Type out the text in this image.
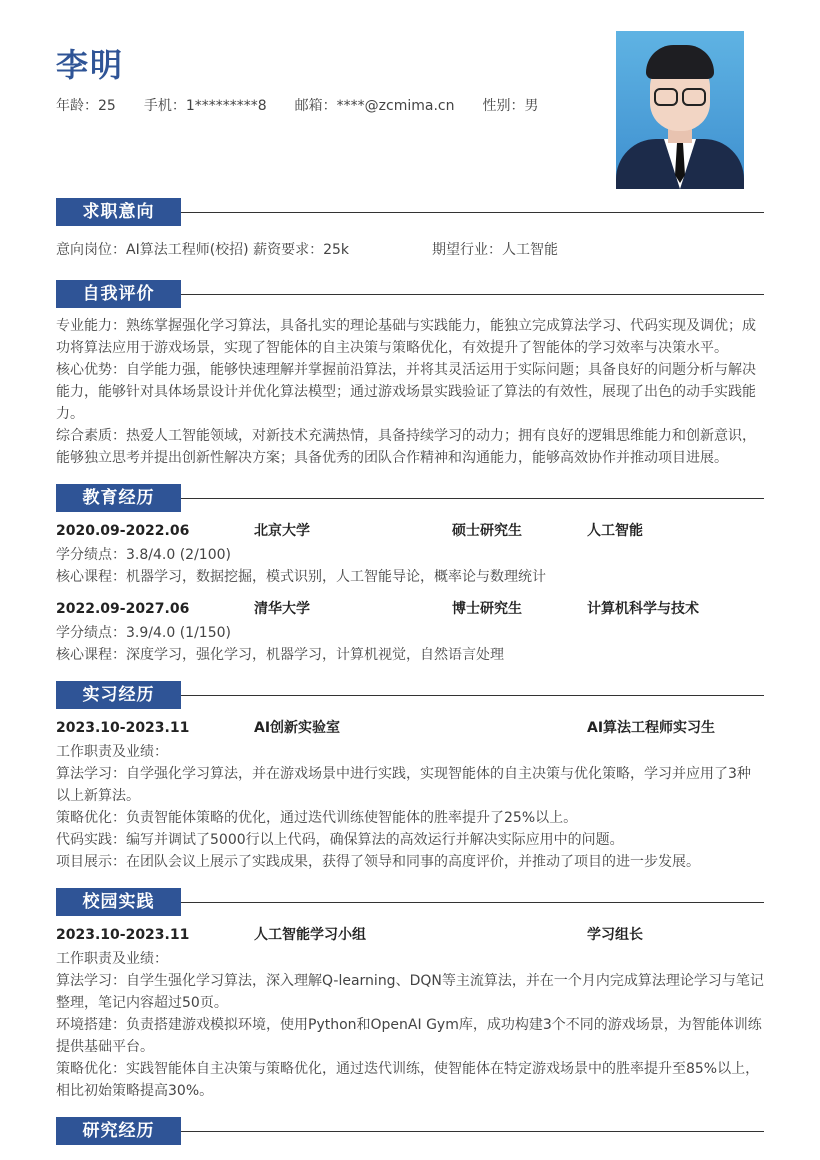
李明
年龄：25 手机：1*********8 邮箱：****@zcmima.cn 性别：男
求职意向
意向岗位：AI算法工程师(校招) 薪资要求：25k	期望行业：人工智能
自我评价

专业能力：熟练掌握强化学习算法，具备扎实的理论基础与实践能力，能独立完成算法学习、代码实现及调优；成功将算法应用于游戏场景，实现了智能体的自主决策与策略优化，有效提升了智能体的学习效率与决策水平。

核心优势：自学能力强，能够快速理解并掌握前沿算法，并将其灵活运用于实际问题；具备良好的问题分析与解决能力，能够针对具体场景设计并优化算法模型；通过游戏场景实践验证了算法的有效性，展现了出色的动手实践能力。

综合素质：热爱人工智能领域，对新技术充满热情，具备持续学习的动力；拥有良好的逻辑思维能力和创新意识，能够独立思考并提出创新性解决方案；具备优秀的团队合作精神和沟通能力，能够高效协作并推动项目进展。

教育经历
2020.09-2022.06	北京大学	硕士研究生	人工智能
学分绩点：3.8/4.0 (2/100)
核心课程：机器学习，数据挖掘，模式识别，人工智能导论，概率论与数理统计
2022.09-2027.06	清华大学	博士研究生	计算机科学与技术
学分绩点：3.9/4.0 (1/150)
核心课程：深度学习，强化学习，机器学习，计算机视觉，自然语言处理
实习经历
2023.10-2023.11	AI创新实验室	AI算法工程师实习生

工作职责及业绩：

算法学习：自学强化学习算法，并在游戏场景中进行实践，实现智能体的自主决策与优化策略，学习并应用了3种以上新算法。

策略优化：负责智能体策略的优化，通过迭代训练使智能体的胜率提升了25%以上。

代码实践：编写并调试了5000行以上代码，确保算法的高效运行并解决实际应用中的问题。

项目展示：在团队会议上展示了实践成果，获得了领导和同事的高度评价，并推动了项目的进一步发展。

校园实践
2023.10-2023.11	人工智能学习小组	学习组长

工作职责及业绩：

算法学习：自学生强化学习算法，深入理解Q-learning、DQN等主流算法，并在一个月内完成算法理论学习与笔记整理，笔记内容超过50页。

环境搭建：负责搭建游戏模拟环境，使用Python和OpenAI Gym库，成功构建3个不同的游戏场景，为智能体训练提供基础平台。

策略优化：实践智能体自主决策与策略优化，通过迭代训练，使智能体在特定游戏场景中的胜率提升至85%以上，相比初始策略提高30%。

研究经历
